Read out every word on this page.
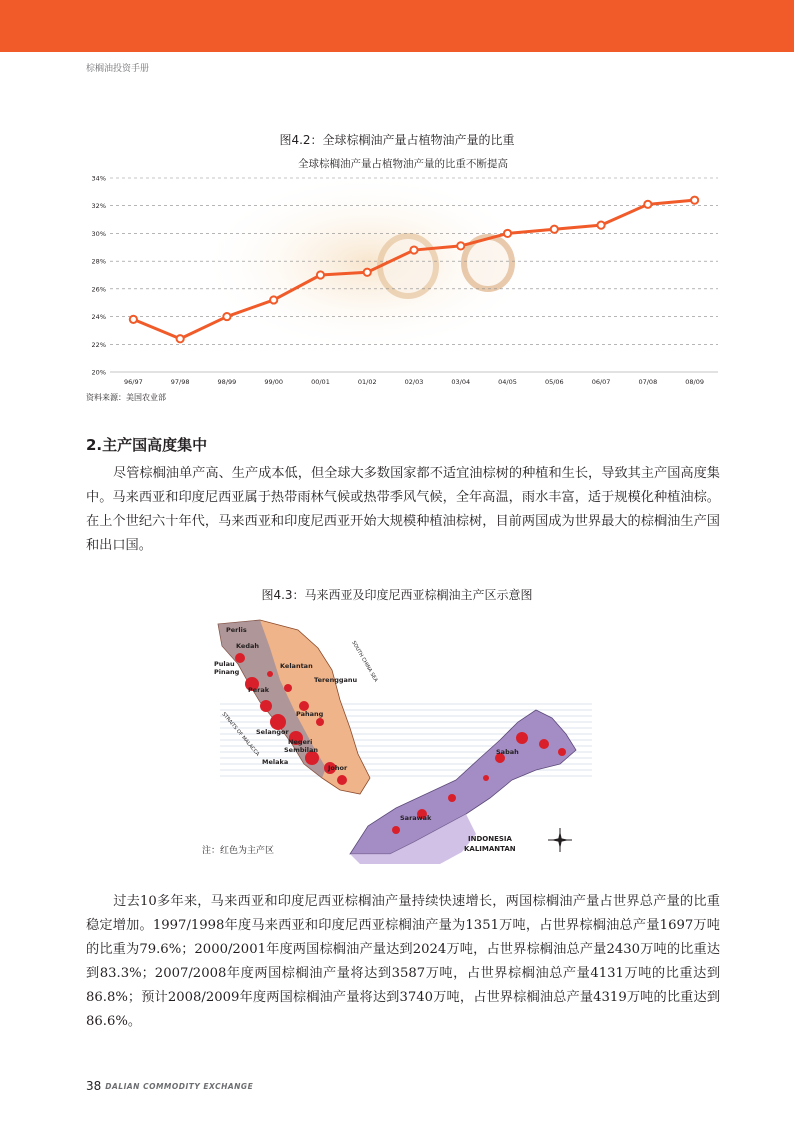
棕榈油投资手册
图4.2：全球棕榈油产量占植物油产量的比重
全球棕榈油产量占植物油产量的比重不断提高
20%
22%
24%
26%
28%
30%
32%
34%
96/97	97/98	98/99	99/00	00/01	01/02	02/03	03/04	04/05	05/06	06/07	07/08	08/09
资料来源：美国农业部
2.主产国高度集中
尽管棕榈油单产高、生产成本低，但全球大多数国家都不适宜油棕树的种植和生长，导致其主产国高度集中。马来西亚和印度尼西亚属于热带雨林气候或热带季风气候，全年高温，雨水丰富，适于规模化种植油棕。在上个世纪六十年代，马来西亚和印度尼西亚开始大规模种植油棕树，目前两国成为世界最大的棕榈油生产国和出口国。
图4.3：马来西亚及印度尼西亚棕榈油主产区示意图
Perlis
Kedah
Pulau
Pinang
Kelantan
Terengganu
Perak
Pahang
Selangor
Negeri
Sembilan
Melaka
Johor
Sabah
Sarawak
INDONESIA
KALIMANTAN
SOUTH CHINA SEA
STRAITS OF MALACCA
注：红色为主产区
过去10多年来，马来西亚和印度尼西亚棕榈油产量持续快速增长，两国棕榈油产量占世界总产量的比重稳定增加。1997/1998年度马来西亚和印度尼西亚棕榈油产量为1351万吨，占世界棕榈油总产量1697万吨的比重为79.6%；2000/2001年度两国棕榈油产量达到2024万吨，占世界棕榈油总产量2430万吨的比重达到83.3%；2007/2008年度两国棕榈油产量将达到3587万吨，占世界棕榈油总产量4131万吨的比重达到86.8%；预计2008/2009年度两国棕榈油产量将达到3740万吨，占世界棕榈油总产量4319万吨的比重达到86.6%。
38 DALIAN COMMODITY EXCHANGE
